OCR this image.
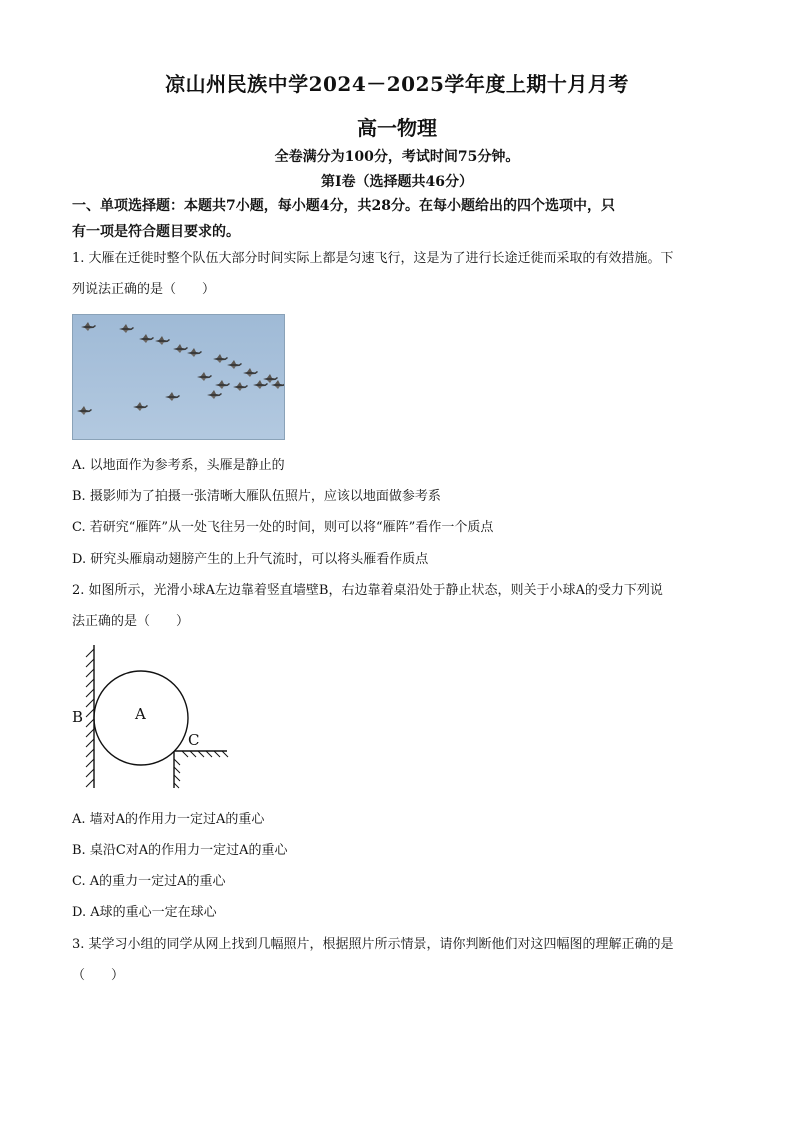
凉山州民族中学2024－2025学年度上期十月月考
高一物理
全卷满分为100分，考试时间75分钟。
第Ⅰ卷（选择题共46分）
一、单项选择题：本题共7小题，每小题4分，共28分。在每小题给出的四个选项中，只
有一项是符合题目要求的。
1. 大雁在迁徙时整个队伍大部分时间实际上都是匀速飞行，这是为了进行长途迁徙而采取的有效措施。下
列说法正确的是（　　）
A. 以地面作为参考系，头雁是静止的
B. 摄影师为了拍摄一张清晰大雁队伍照片，应该以地面做参考系
C. 若研究“雁阵”从一处飞往另一处的时间，则可以将“雁阵”看作一个质点
D. 研究头雁扇动翅膀产生的上升气流时，可以将头雁看作质点
2. 如图所示，光滑小球A左边靠着竖直墙壁B，右边靠着桌沿处于静止状态，则关于小球A的受力下列说
法正确的是（　　）
A
B
C
A. 墙对A的作用力一定过A的重心
B. 桌沿C对A的作用力一定过A的重心
C. A的重力一定过A的重心
D. A球的重心一定在球心
3. 某学习小组的同学从网上找到几幅照片，根据照片所示情景，请你判断他们对这四幅图的理解正确的是
（　　）
